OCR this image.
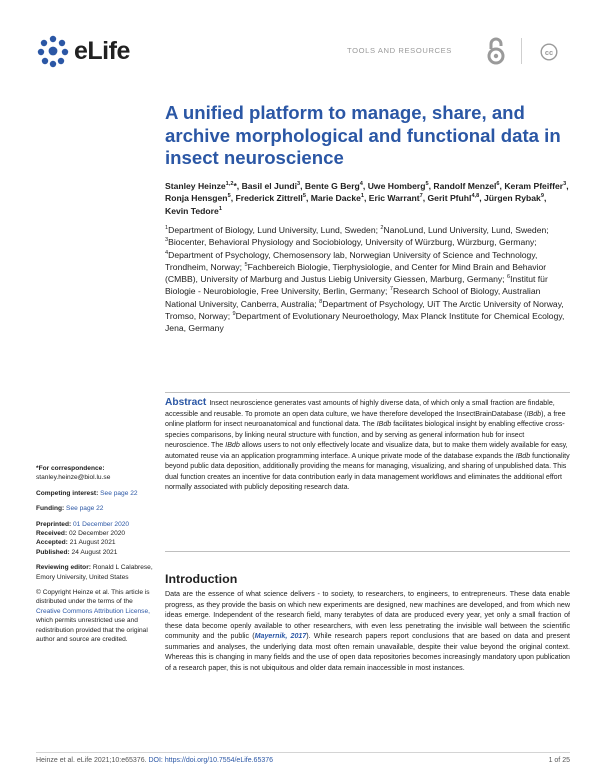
eLife	TOOLS AND RESOURCES	cc
A unified platform to manage, share, and archive morphological and functional data in insect neuroscience
Stanley Heinze$^{1,2}$*, Basil el Jundi$^3$, Bente G Berg$^4$, Uwe Homberg$^5$, Randolf Menzel$^6$, Keram Pfeiffer$^3$, Ronja Hensgen$^5$, Frederick Zittrell$^5$, Marie Dacke$^1$, Eric Warrant$^7$, Gerit Pfuhl$^{4,8}$, Jürgen Rybak$^9$, Kevin Tedore$^1$
$^1$Department of Biology, Lund University, Lund, Sweden; $^2$NanoLund, Lund University, Lund, Sweden; $^3$Biocenter, Behavioral Physiology and Sociobiology, University of Würzburg, Würzburg, Germany; $^4$Department of Psychology, Chemosensory lab, Norwegian University of Science and Technology, Trondheim, Norway; $^5$Fachbereich Biologie, Tierphysiologie, and Center for Mind Brain and Behavior (CMBB), University of Marburg and Justus Liebig University Giessen, Marburg, Germany; $^6$Institut für Biologie - Neurobiologie, Free University, Berlin, Germany; $^7$Research School of Biology, Australian National University, Canberra, Australia; $^8$Department of Psychology, UiT The Arctic University of Norway, Tromso, Norway; $^9$Department of Evolutionary Neuroethology, Max Planck Institute for Chemical Ecology, Jena, Germany
Abstract Insect neuroscience generates vast amounts of highly diverse data, of which only a small fraction are findable, accessible and reusable. To promote an open data culture, we have therefore developed the InsectBrainDatabase (IBdb), a free online platform for insect neuroanatomical and functional data. The IBdb facilitates biological insight by enabling effective cross-species comparisons, by linking neural structure with function, and by serving as general information hub for insect neuroscience. The IBdb allows users to not only effectively locate and visualize data, but to make them widely available for easy, automated reuse via an application programming interface. A unique private mode of the database expands the IBdb functionality beyond public data deposition, additionally providing the means for managing, visualizing, and sharing of unpublished data. This dual function creates an incentive for data contribution early in data management workflows and eliminates the additional effort normally associated with publicly depositing research data.
*For correspondence:
stanley.heinze@biol.lu.se
Competing interest: See page 22
Funding: See page 22
Preprinted: 01 December 2020
Received: 02 December 2020
Accepted: 21 August 2021
Published: 24 August 2021
Reviewing editor: Ronald L Calabrese, Emory University, United States
© Copyright Heinze et al. This article is distributed under the terms of the Creative Commons Attribution License, which permits unrestricted use and redistribution provided that the original author and source are credited.
Introduction

Data are the essence of what science delivers - to society, to researchers, to engineers, to entrepreneurs. These data enable progress, as they provide the basis on which new experiments are designed, new machines are developed, and from which new ideas emerge. Independent of the research field, many terabytes of data are produced every year, yet only a small fraction of these data become openly available to other researchers, with even less penetrating the invisible wall between the scientific community and the public (Mayernik, 2017). While research papers report conclusions that are based on data and present summaries and analyses, the underlying data most often remain unavailable, despite their value beyond the original context. Whereas this is changing in many fields and the use of open data repositories becomes increasingly mandatory upon publication of a research paper, this is not ubiquitous and older data remain inaccessible in most instances.

Heinze et al. eLife 2021;10:e65376. DOI: https://doi.org/10.7554/eLife.65376	1 of 25
